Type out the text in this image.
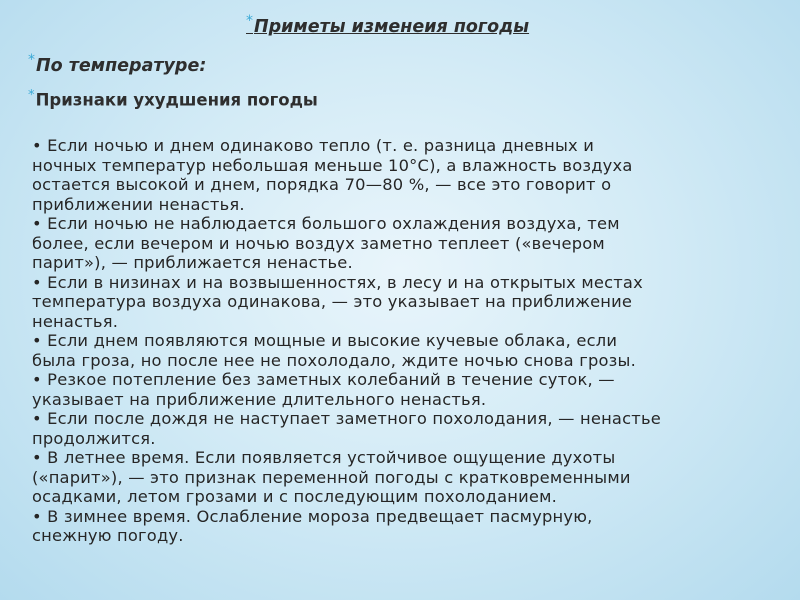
*Приметы изменеия погоды
*По температуре:
*Признаки ухудшения погоды
• Если ночью и днем одинаково тепло (т. е. разница дневных и
ночных температур небольшая меньше 10°С), а влажность воздуха
остается высокой и днем, порядка 70—80 %, — все это говорит о
приближении ненастья.
• Если ночью не наблюдается большого охлаждения воздуха, тем
более, если вечером и ночью воздух заметно теплеет («вечером
парит»), — приближается ненастье.
• Если в низинах и на возвышенностях, в лесу и на открытых местах
температура воздуха одинакова, — это указывает на приближение
ненастья.
• Если днем появляются мощные и высокие кучевые облака, если
была гроза, но после нее не похолодало, ждите ночью снова грозы.
• Резкое потепление без заметных колебаний в течение суток, —
указывает на приближение длительного ненастья.
• Если после дождя не наступает заметного похолодания, — ненастье
продолжится.
• В летнее время. Если появляется устойчивое ощущение духоты
(«парит»), — это признак переменной погоды с кратковременными
осадками, летом грозами и с последующим похолоданием.
• В зимнее время. Ослабление мороза предвещает пасмурную,
снежную погоду.
